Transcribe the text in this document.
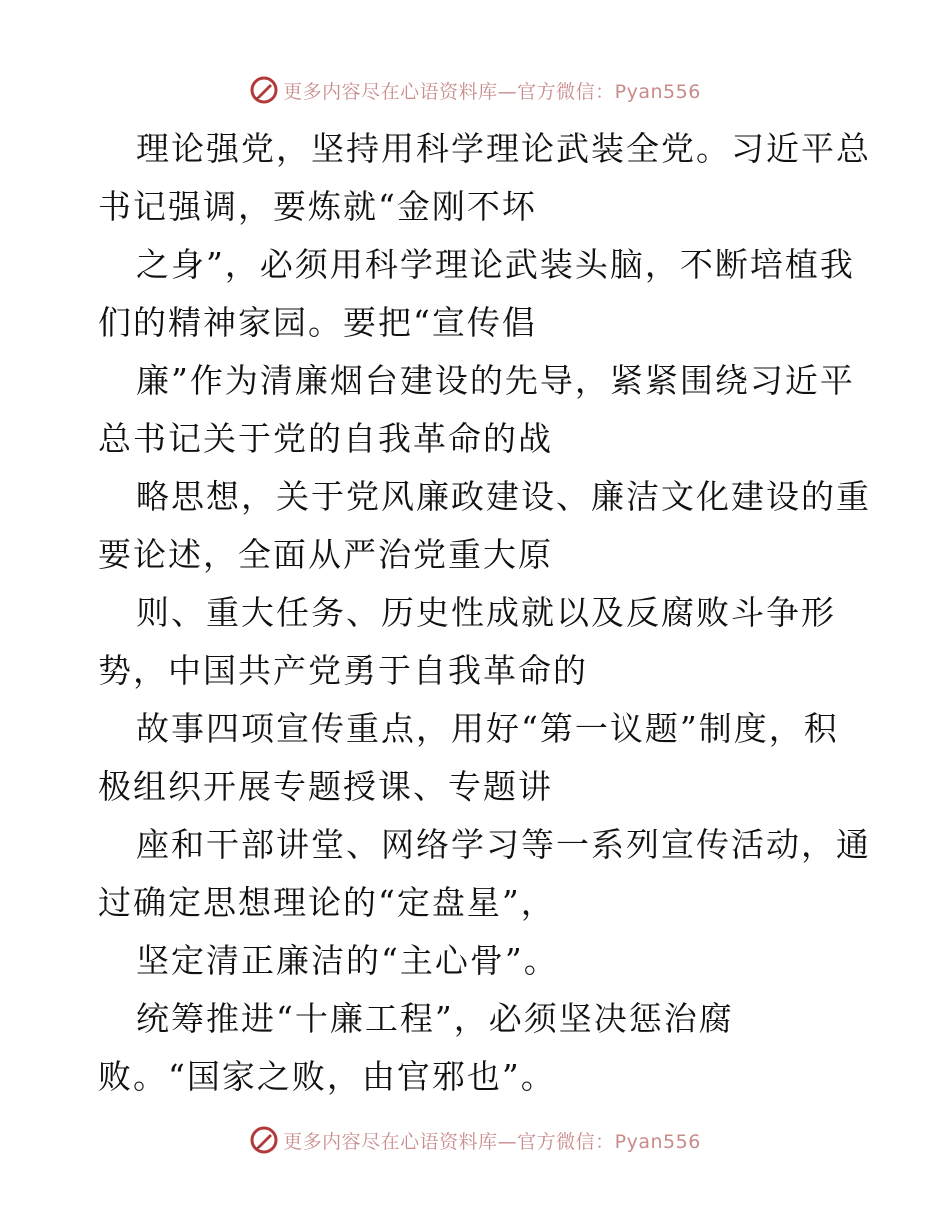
更多内容尽在心语资料库—官方微信：Pyan556
理论强党，坚持用科学理论武装全党。习近平总
书记强调，要炼就“金刚不坏
之身”，必须用科学理论武装头脑，不断培植我
们的精神家园。要把“宣传倡
廉”作为清廉烟台建设的先导，紧紧围绕习近平
总书记关于党的自我革命的战
略思想，关于党风廉政建设、廉洁文化建设的重
要论述，全面从严治党重大原
则、重大任务、历史性成就以及反腐败斗争形
势，中国共产党勇于自我革命的
故事四项宣传重点，用好“第一议题”制度，积
极组织开展专题授课、专题讲
座和干部讲堂、网络学习等一系列宣传活动，通
过确定思想理论的“定盘星”，
坚定清正廉洁的“主心骨”。
统筹推进“十廉工程”，必须坚决惩治腐
败。“国家之败，由官邪也”。
更多内容尽在心语资料库—官方微信：Pyan556
